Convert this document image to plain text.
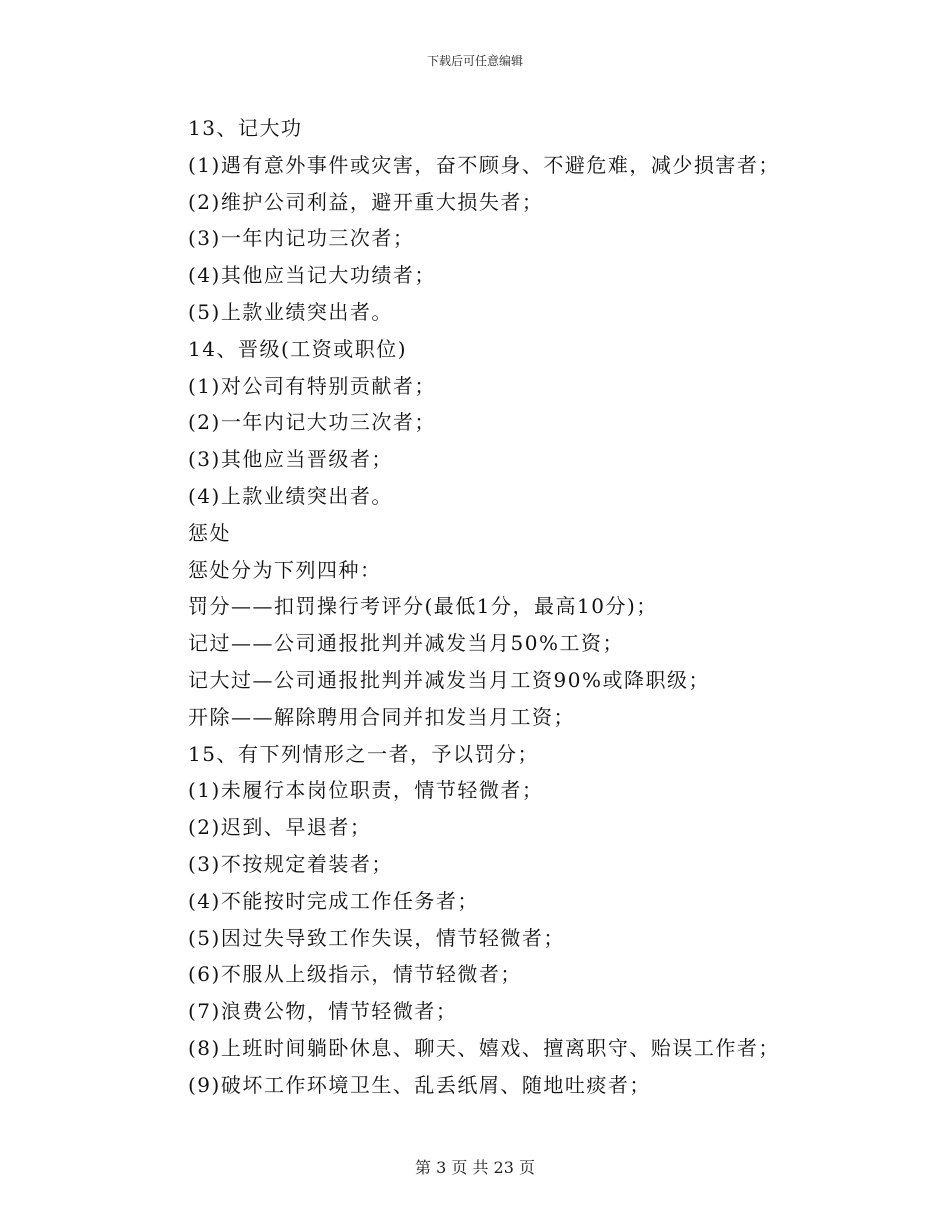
下载后可任意编辑
13、记大功
(1)遇有意外事件或灾害，奋不顾身、不避危难，减少损害者；
(2)维护公司利益，避开重大损失者；
(3)一年内记功三次者；
(4)其他应当记大功绩者；
(5)上款业绩突出者。
14、晋级(工资或职位)
(1)对公司有特别贡献者；
(2)一年内记大功三次者；
(3)其他应当晋级者；
(4)上款业绩突出者。
惩处
惩处分为下列四种：
罚分——扣罚操行考评分(最低1分，最高10分)；
记过——公司通报批判并减发当月50%工资；
记大过—公司通报批判并减发当月工资90%或降职级；
开除——解除聘用合同并扣发当月工资；
15、有下列情形之一者，予以罚分；
(1)未履行本岗位职责，情节轻微者；
(2)迟到、早退者；
(3)不按规定着装者；
(4)不能按时完成工作任务者；
(5)因过失导致工作失误，情节轻微者；
(6)不服从上级指示，情节轻微者；
(7)浪费公物，情节轻微者；
(8)上班时间躺卧休息、聊天、嬉戏、擅离职守、贻误工作者；
(9)破坏工作环境卫生、乱丢纸屑、随地吐痰者；
第 3 页 共 23 页
